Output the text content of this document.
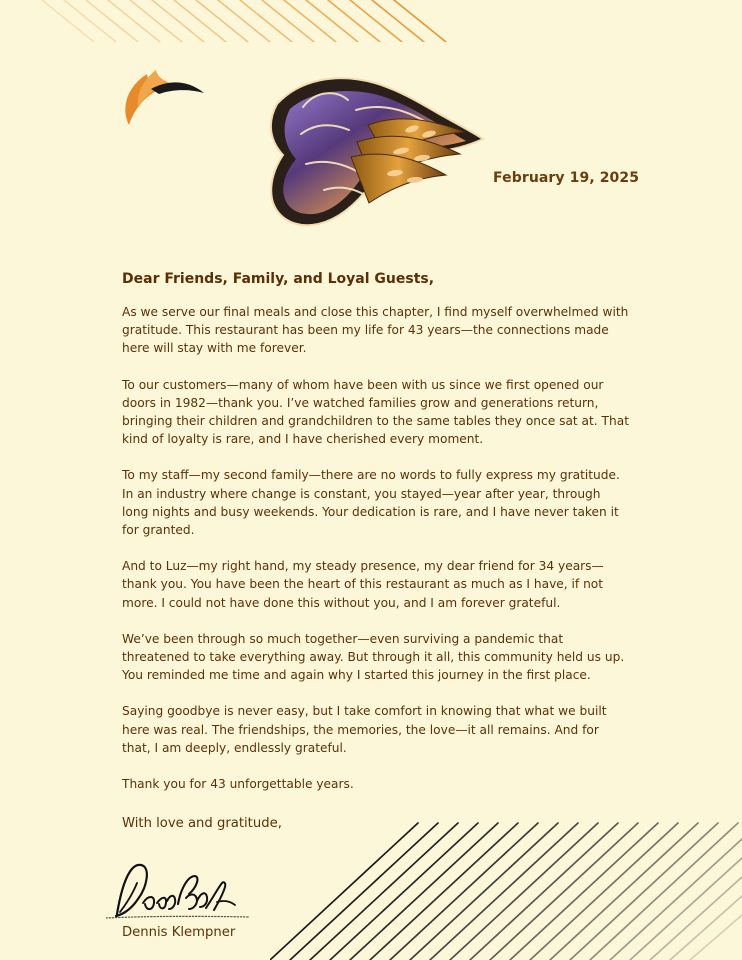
February 19, 2025
Dear Friends, Family, and Loyal Guests,

As we serve our final meals and close this chapter, I find myself overwhelmed with gratitude. This restaurant has been my life for 43 years—the connections made here will stay with me forever.

To our customers—many of whom have been with us since we first opened our doors in 1982—thank you. I’ve watched families grow and generations return, bringing their children and grandchildren to the same tables they once sat at. That kind of loyalty is rare, and I have cherished every moment.

To my staff—my second family—there are no words to fully express my gratitude. In an industry where change is constant, you stayed—year after year, through long nights and busy weekends. Your dedication is rare, and I have never taken it for granted.

And to Luz—my right hand, my steady presence, my dear friend for 34 years—thank you. You have been the heart of this restaurant as much as I have, if not more. I could not have done this without you, and I am forever grateful.

We’ve been through so much together—even surviving a pandemic that threatened to take everything away. But through it all, this community held us up. You reminded me time and again why I started this journey in the first place.

Saying goodbye is never easy, but I take comfort in knowing that what we built here was real. The friendships, the memories, the love—it all remains. And for that, I am deeply, endlessly grateful.

Thank you for 43 unforgettable years.

With love and gratitude,
Dennis Klempner
